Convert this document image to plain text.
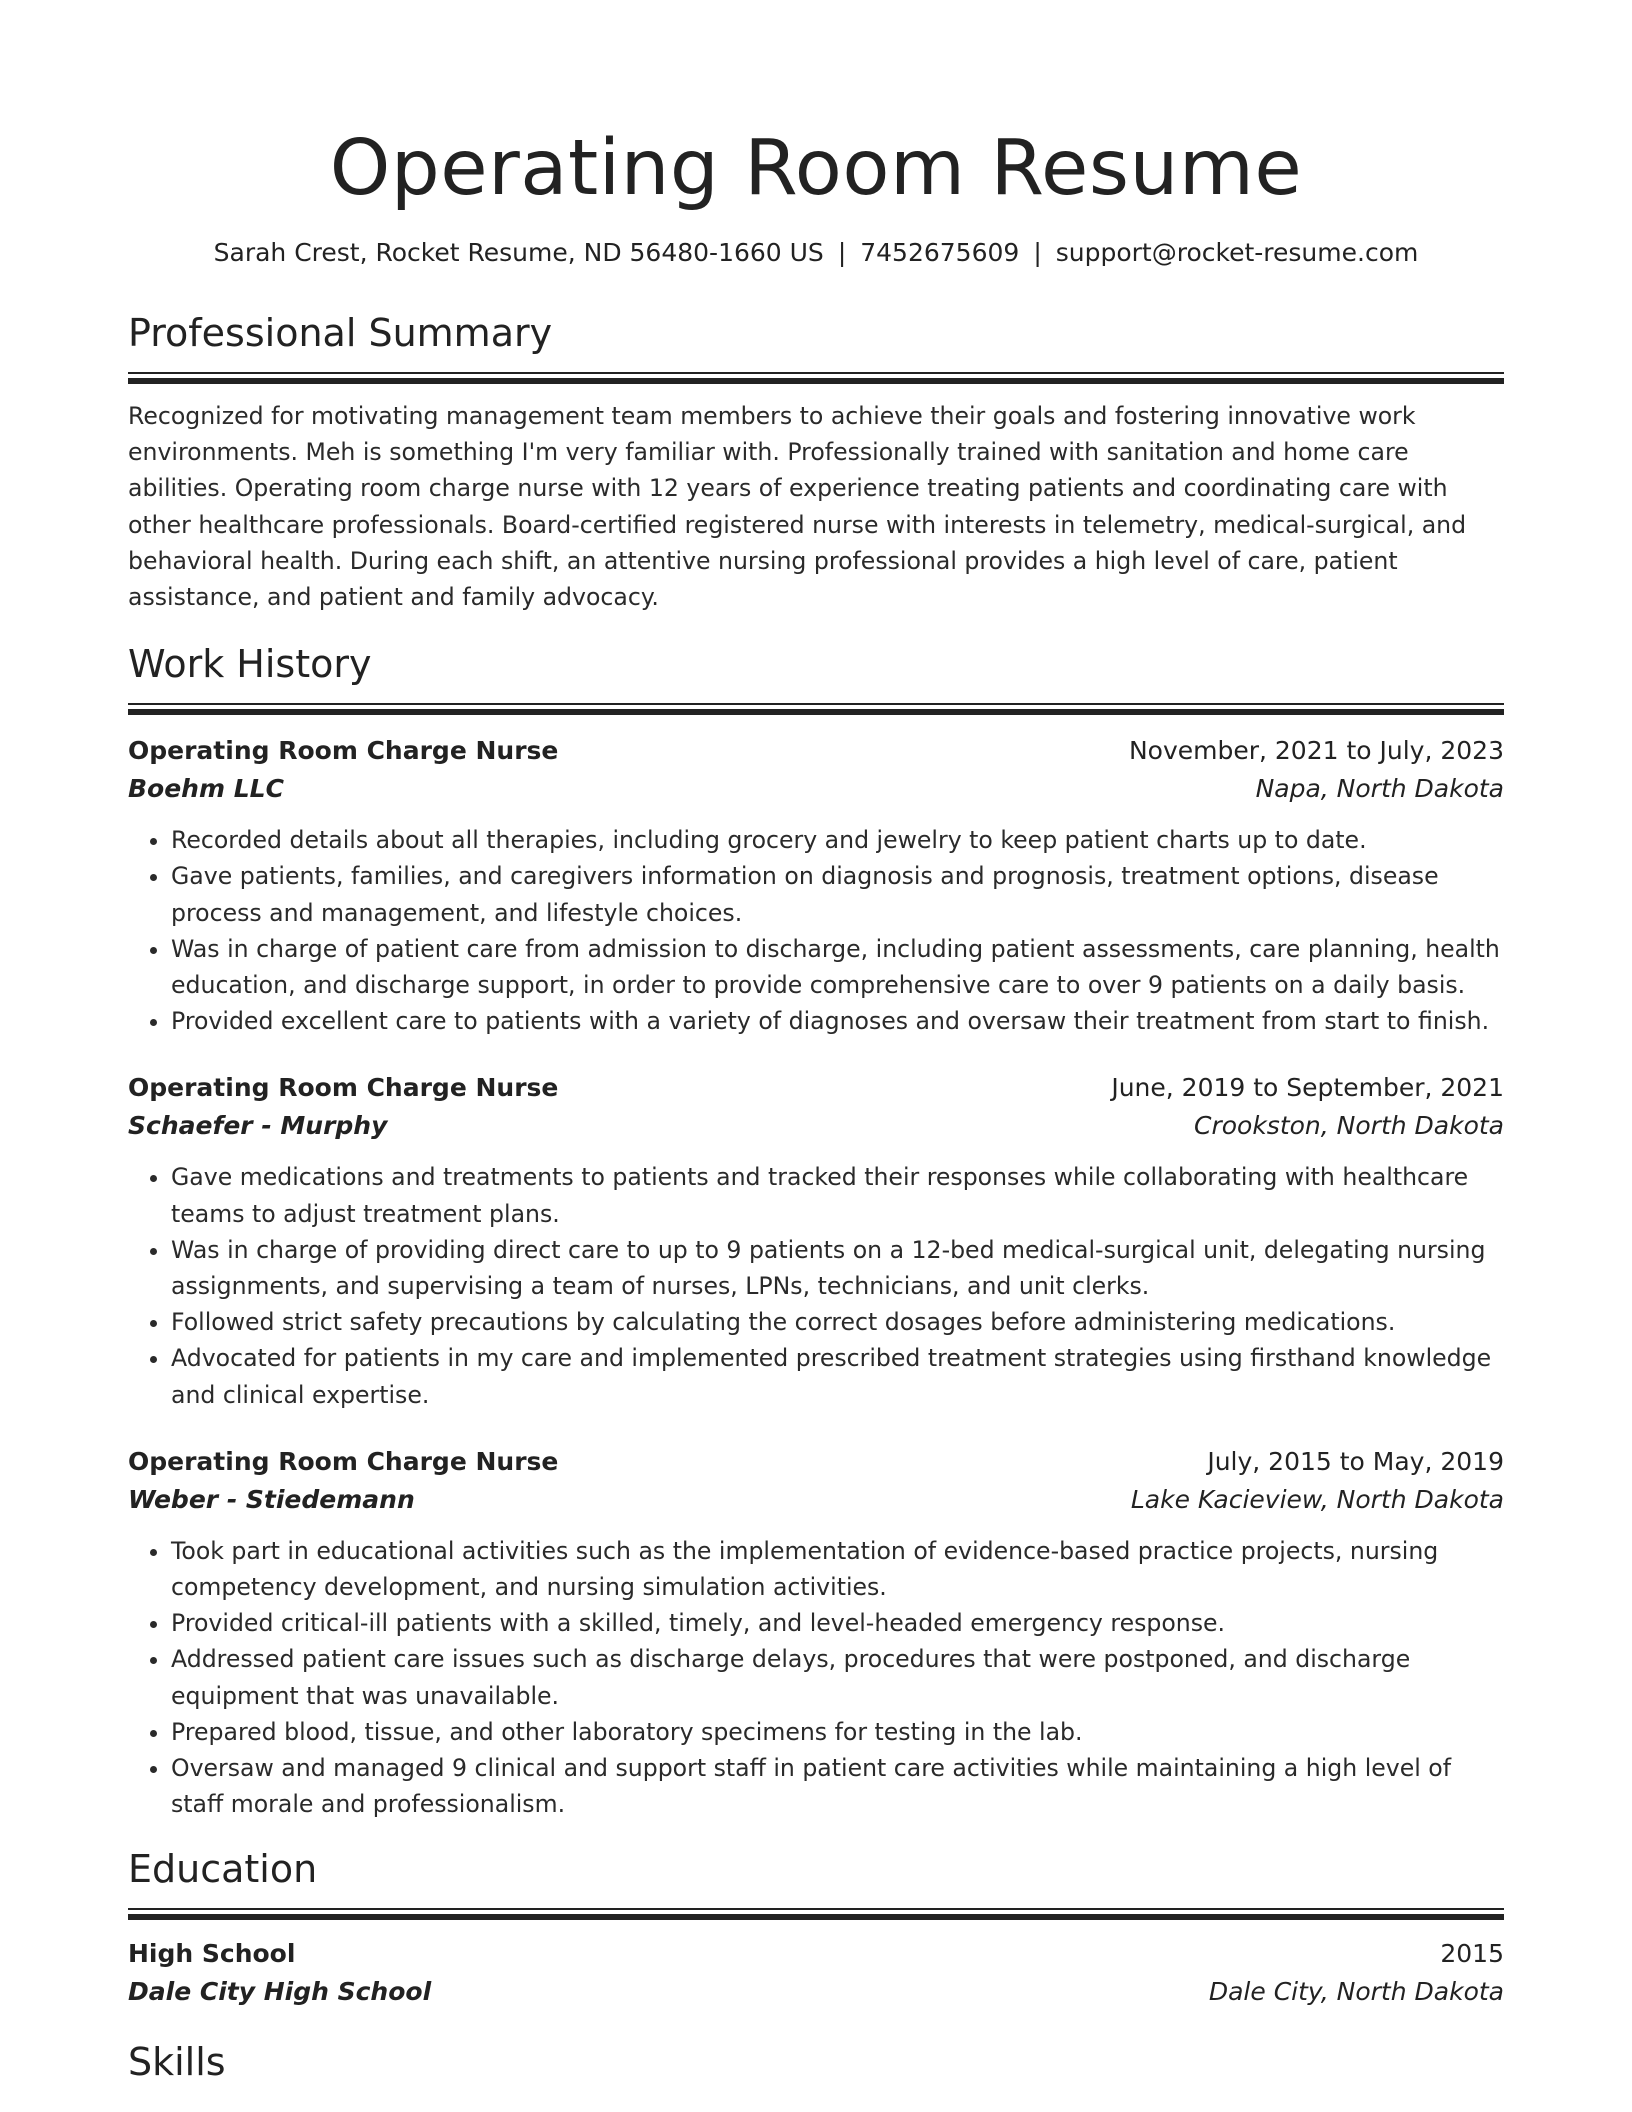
Operating Room Resume
Sarah Crest, Rocket Resume, ND 56480-1660 US | 7452675609 | support@rocket-resume.com
Professional Summary
Recognized for motivating management team members to achieve their goals and fostering innovative work environments. Meh is something I'm very familiar with. Professionally trained with sanitation and home care abilities. Operating room charge nurse with 12 years of experience treating patients and coordinating care with other healthcare professionals. Board-certified registered nurse with interests in telemetry, medical-surgical, and behavioral health. During each shift, an attentive nursing professional provides a high level of care, patient assistance, and patient and family advocacy.
Work History
Operating Room Charge Nurse	November, 2021 to July, 2023
Boehm LLC	Napa, North Dakota
• Recorded details about all therapies, including grocery and jewelry to keep patient charts up to date.
• Gave patients, families, and caregivers information on diagnosis and prognosis, treatment options, disease process and management, and lifestyle choices.
• Was in charge of patient care from admission to discharge, including patient assessments, care planning, health education, and discharge support, in order to provide comprehensive care to over 9 patients on a daily basis.
• Provided excellent care to patients with a variety of diagnoses and oversaw their treatment from start to finish.
Operating Room Charge Nurse	June, 2019 to September, 2021
Schaefer - Murphy	Crookston, North Dakota
• Gave medications and treatments to patients and tracked their responses while collaborating with healthcare teams to adjust treatment plans.
• Was in charge of providing direct care to up to 9 patients on a 12-bed medical-surgical unit, delegating nursing assignments, and supervising a team of nurses, LPNs, technicians, and unit clerks.
• Followed strict safety precautions by calculating the correct dosages before administering medications.
• Advocated for patients in my care and implemented prescribed treatment strategies using firsthand knowledge and clinical expertise.
Operating Room Charge Nurse	July, 2015 to May, 2019
Weber - Stiedemann	Lake Kacieview, North Dakota
• Took part in educational activities such as the implementation of evidence-based practice projects, nursing competency development, and nursing simulation activities.
• Provided critical-ill patients with a skilled, timely, and level-headed emergency response.
• Addressed patient care issues such as discharge delays, procedures that were postponed, and discharge equipment that was unavailable.
• Prepared blood, tissue, and other laboratory specimens for testing in the lab.
• Oversaw and managed 9 clinical and support staff in patient care activities while maintaining a high level of staff morale and professionalism.
Education
High School	2015
Dale City High School	Dale City, North Dakota
Skills
